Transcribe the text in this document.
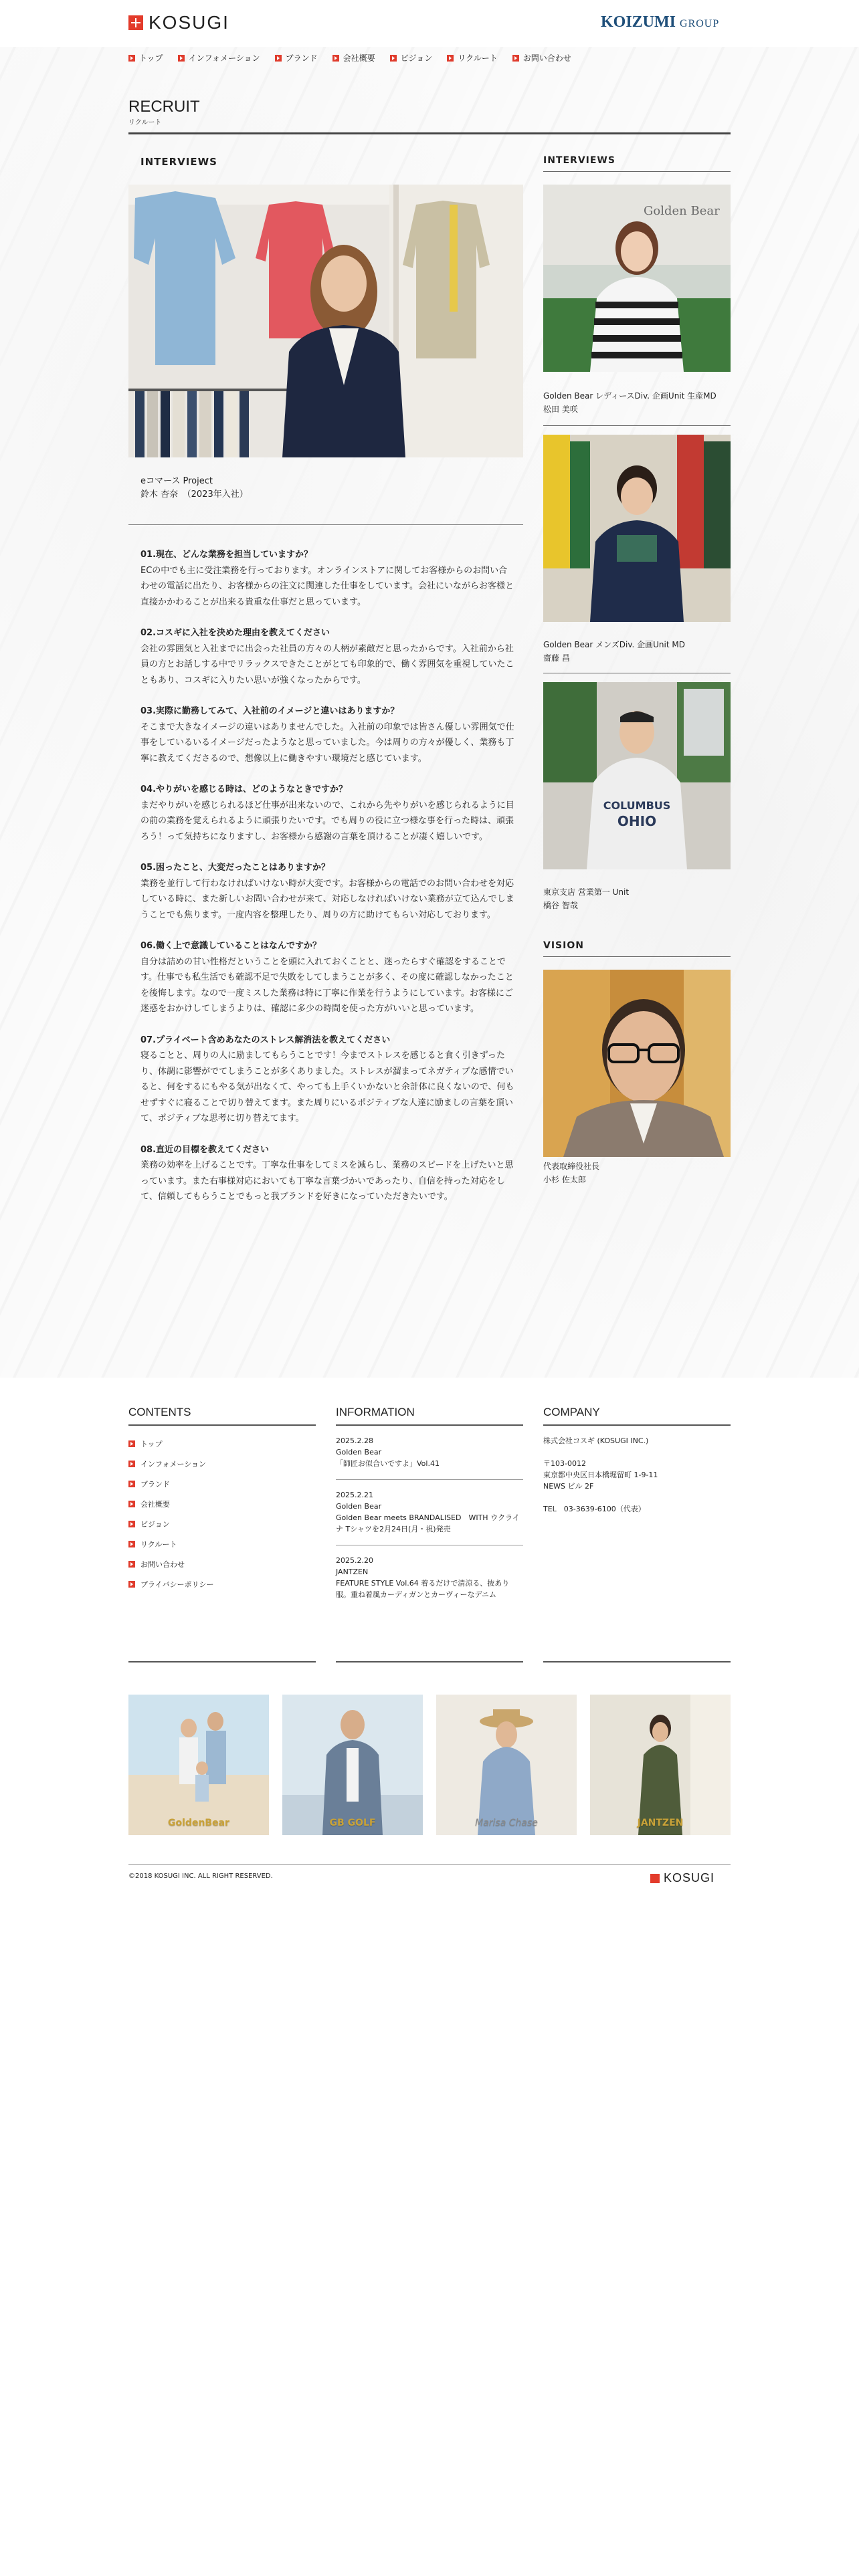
KOSUGI	KOIZUMI GROUP
トップ	インフォメーション	ブランド	会社概要	ビジョン	リクルート	お問い合わせ
RECRUIT
リクルート
INTERVIEWS
eコマース Project
鈴木 杏奈　（2023年入社）
01.現在、どんな業務を担当していますか？
ECの中でも主に受注業務を行っております。オンラインストアに関してお客様からのお問い合わせの電話に出たり、お客様からの注文に関連した仕事をしています。会社にいながらお客様と直接かかわることが出来る貴重な仕事だと思っています。
02.コスギに入社を決めた理由を教えてください
会社の雰囲気と入社までに出会った社員の方々の人柄が素敵だと思ったからです。入社前から社員の方とお話しする中でリラックスできたことがとても印象的で、働く雰囲気を重視していたこともあり、コスギに入りたい思いが強くなったからです。
03.実際に勤務してみて、入社前のイメージと違いはありますか？
そこまで大きなイメージの違いはありませんでした。入社前の印象では皆さん優しい雰囲気で仕事をしているいるイメージだったようなと思っていました。今は周りの方々が優しく、業務も丁寧に教えてくださるので、想像以上に働きやすい環境だと感じています。
04.やりがいを感じる時は、どのようなときですか？
まだやりがいを感じられるほど仕事が出来ないので、これから先やりがいを感じられるように目の前の業務を覚えられるように頑張りたいです。でも周りの役に立つ様な事を行った時は、頑張ろう！って気持ちになりますし、お客様から感謝の言葉を頂けることが凄く嬉しいです。
05.困ったこと、大変だったことはありますか？
業務を並行して行わなければいけない時が大変です。お客様からの電話でのお問い合わせを対応している時に、また新しいお問い合わせが来て、対応しなければいけない業務が立て込んでしまうことでも焦ります。一度内容を整理したり、周りの方に助けてもらい対応しております。
06.働く上で意識していることはなんですか？
自分は詰めの甘い性格だということを頭に入れておくことと、迷ったらすぐ確認をすることです。仕事でも私生活でも確認不足で失敗をしてしまうことが多く、その度に確認しなかったことを後悔します。なので一度ミスした業務は特に丁寧に作業を行うようにしています。お客様にご迷惑をおかけしてしまうよりは、確認に多少の時間を使った方がいいと思っています。
07.プライベート含めあなたのストレス解消法を教えてください
寝ることと、周りの人に励ましてもらうことです！今までストレスを感じると食く引きずったり、体調に影響がでてしまうことが多くありました。ストレスが溜まってネガティブな感情でいると、何をするにもやる気が出なくて、やっても上手くいかないと余計体に良くないので、何もせずすぐに寝ることで切り替えてます。また周りにいるポジティブな人達に励ましの言葉を頂いて、ポジティブな思考に切り替えてます。
08.直近の目標を教えてください
業務の効率を上げることです。丁寧な仕事をしてミスを減らし、業務のスピードを上げたいと思っています。また右事様対応においても丁寧な言葉づかいであったり、自信を持った対応をして、信頼してもらうことでもっと我ブランドを好きになっていただきたいです。
INTERVIEWS
Golden Bear
Golden Bear レディースDiv. 企画Unit 生産MD
松田 美咲
Golden Bear メンズDiv. 企画Unit MD
齋藤 昌
COLUMBUS
OHIO
東京支店 営業第一 Unit
橋谷 智哉
VISION
代表取締役社長
小杉 佐太郎
CONTENTS
トップ
インフォメーション
ブランド
会社概要
ビジョン
リクルート
お問い合わせ
プライバシーポリシー
INFORMATION
2025.2.28
Golden Bear
「師匠お似合いですよ」Vol.41
2025.2.21
Golden Bear
Golden Bear meets BRANDALISED　WITH ウクライナ Tシャツを2月24日(月・祝)発売
2025.2.20
JANTZEN
FEATURE STYLE Vol.64 着るだけで清涼る、抜あり服。重ね着風カーディガンとカーヴィーなデニム
COMPANY
株式会社コスギ (KOSUGI INC.)
〒103-0012
東京都中央区日本橋堀留町 1-9-11
NEWS ビル 2F
TEL　03-3639-6100（代表）
GoldenBear	GB GOLF	Marisa Chase	JANTZEN
©2018 KOSUGI INC. ALL RIGHT RESERVED.	KOSUGI
